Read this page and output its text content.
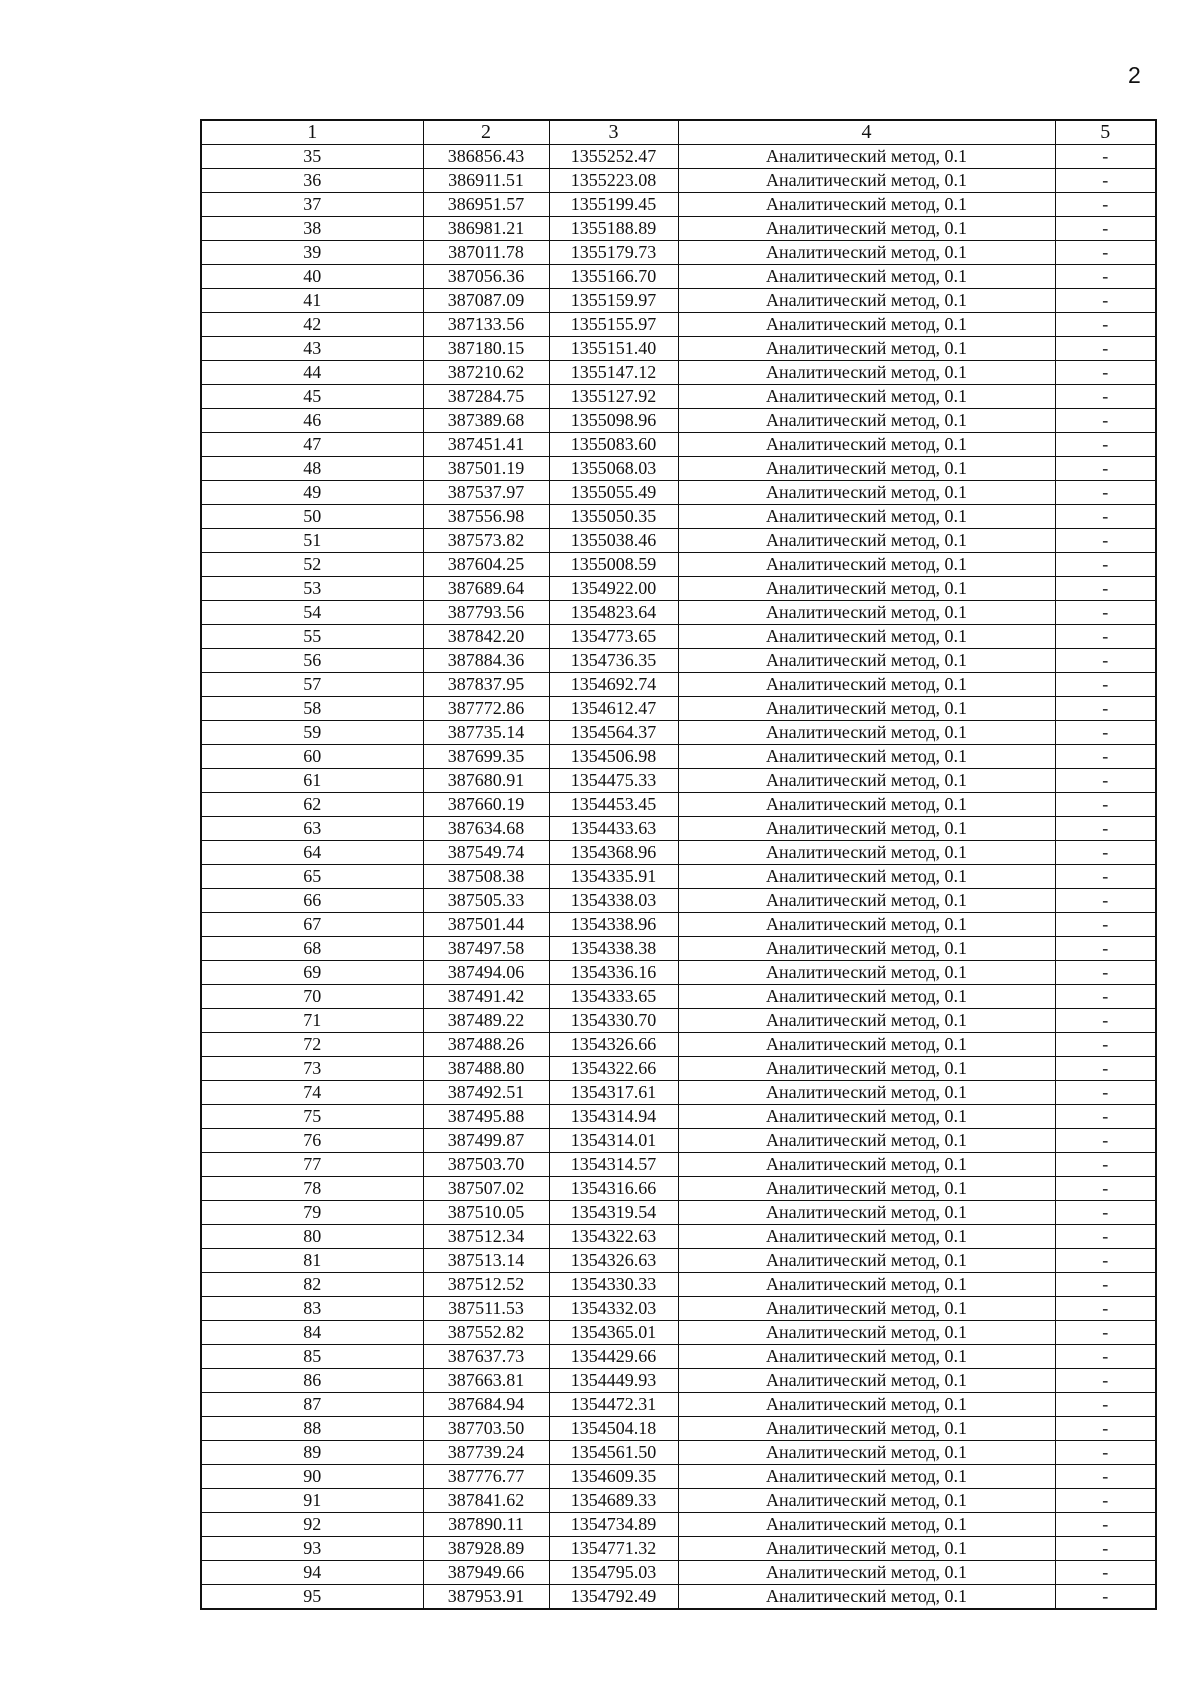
2
1	2	3	4	5
35	386856.43	1355252.47	Аналитический метод, 0.1	-
36	386911.51	1355223.08	Аналитический метод, 0.1	-
37	386951.57	1355199.45	Аналитический метод, 0.1	-
38	386981.21	1355188.89	Аналитический метод, 0.1	-
39	387011.78	1355179.73	Аналитический метод, 0.1	-
40	387056.36	1355166.70	Аналитический метод, 0.1	-
41	387087.09	1355159.97	Аналитический метод, 0.1	-
42	387133.56	1355155.97	Аналитический метод, 0.1	-
43	387180.15	1355151.40	Аналитический метод, 0.1	-
44	387210.62	1355147.12	Аналитический метод, 0.1	-
45	387284.75	1355127.92	Аналитический метод, 0.1	-
46	387389.68	1355098.96	Аналитический метод, 0.1	-
47	387451.41	1355083.60	Аналитический метод, 0.1	-
48	387501.19	1355068.03	Аналитический метод, 0.1	-
49	387537.97	1355055.49	Аналитический метод, 0.1	-
50	387556.98	1355050.35	Аналитический метод, 0.1	-
51	387573.82	1355038.46	Аналитический метод, 0.1	-
52	387604.25	1355008.59	Аналитический метод, 0.1	-
53	387689.64	1354922.00	Аналитический метод, 0.1	-
54	387793.56	1354823.64	Аналитический метод, 0.1	-
55	387842.20	1354773.65	Аналитический метод, 0.1	-
56	387884.36	1354736.35	Аналитический метод, 0.1	-
57	387837.95	1354692.74	Аналитический метод, 0.1	-
58	387772.86	1354612.47	Аналитический метод, 0.1	-
59	387735.14	1354564.37	Аналитический метод, 0.1	-
60	387699.35	1354506.98	Аналитический метод, 0.1	-
61	387680.91	1354475.33	Аналитический метод, 0.1	-
62	387660.19	1354453.45	Аналитический метод, 0.1	-
63	387634.68	1354433.63	Аналитический метод, 0.1	-
64	387549.74	1354368.96	Аналитический метод, 0.1	-
65	387508.38	1354335.91	Аналитический метод, 0.1	-
66	387505.33	1354338.03	Аналитический метод, 0.1	-
67	387501.44	1354338.96	Аналитический метод, 0.1	-
68	387497.58	1354338.38	Аналитический метод, 0.1	-
69	387494.06	1354336.16	Аналитический метод, 0.1	-
70	387491.42	1354333.65	Аналитический метод, 0.1	-
71	387489.22	1354330.70	Аналитический метод, 0.1	-
72	387488.26	1354326.66	Аналитический метод, 0.1	-
73	387488.80	1354322.66	Аналитический метод, 0.1	-
74	387492.51	1354317.61	Аналитический метод, 0.1	-
75	387495.88	1354314.94	Аналитический метод, 0.1	-
76	387499.87	1354314.01	Аналитический метод, 0.1	-
77	387503.70	1354314.57	Аналитический метод, 0.1	-
78	387507.02	1354316.66	Аналитический метод, 0.1	-
79	387510.05	1354319.54	Аналитический метод, 0.1	-
80	387512.34	1354322.63	Аналитический метод, 0.1	-
81	387513.14	1354326.63	Аналитический метод, 0.1	-
82	387512.52	1354330.33	Аналитический метод, 0.1	-
83	387511.53	1354332.03	Аналитический метод, 0.1	-
84	387552.82	1354365.01	Аналитический метод, 0.1	-
85	387637.73	1354429.66	Аналитический метод, 0.1	-
86	387663.81	1354449.93	Аналитический метод, 0.1	-
87	387684.94	1354472.31	Аналитический метод, 0.1	-
88	387703.50	1354504.18	Аналитический метод, 0.1	-
89	387739.24	1354561.50	Аналитический метод, 0.1	-
90	387776.77	1354609.35	Аналитический метод, 0.1	-
91	387841.62	1354689.33	Аналитический метод, 0.1	-
92	387890.11	1354734.89	Аналитический метод, 0.1	-
93	387928.89	1354771.32	Аналитический метод, 0.1	-
94	387949.66	1354795.03	Аналитический метод, 0.1	-
95	387953.91	1354792.49	Аналитический метод, 0.1	-
